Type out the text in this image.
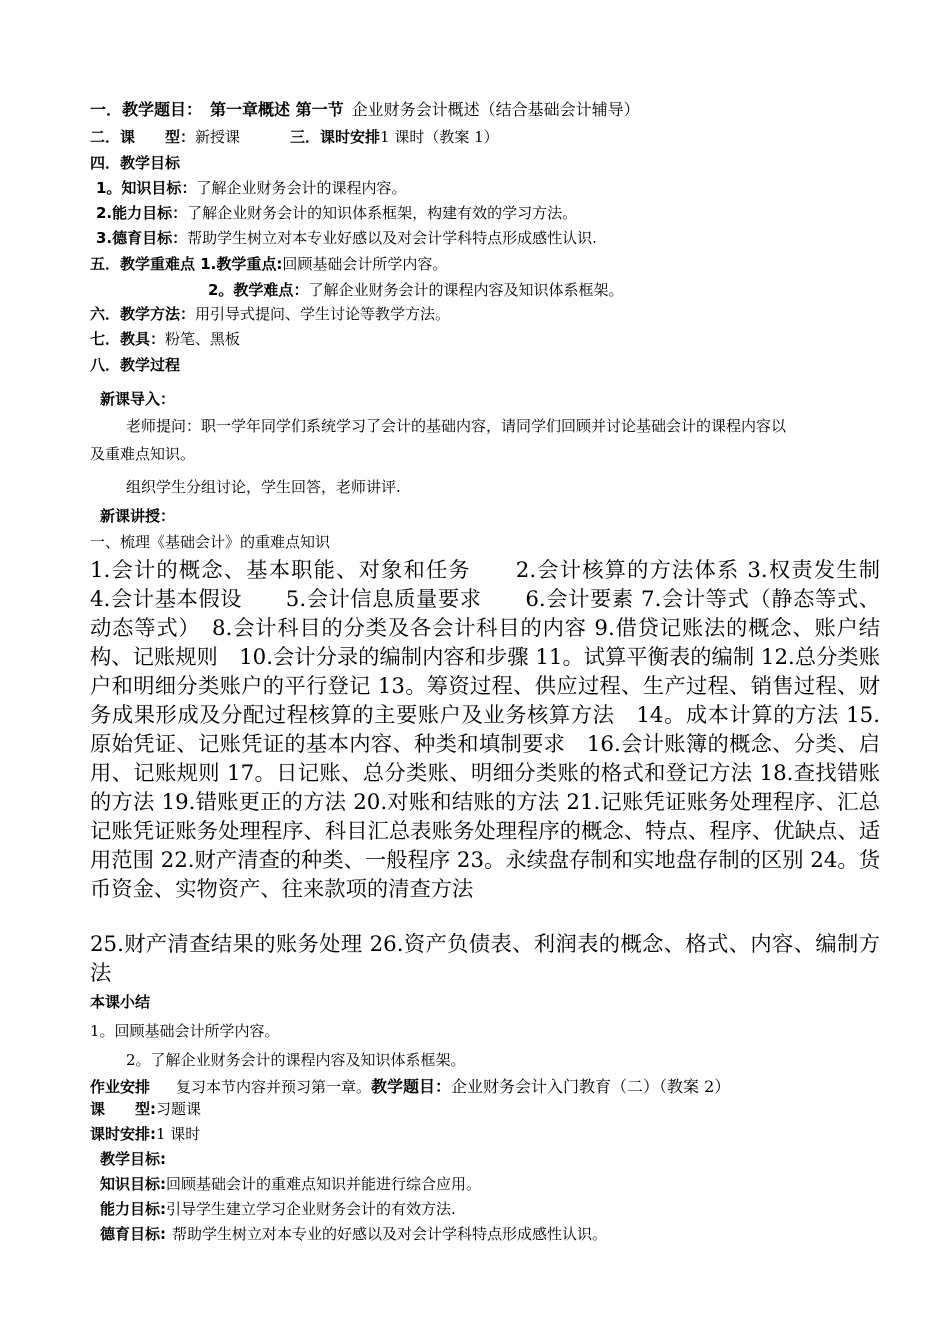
一．教学题目： 第一章概述 第一节 企业财务会计概述（结合基础会计辅导）
二．课　　型：新授课	三．课时安排1 课时（教案 1）
四．教学目标
1。知识目标：了解企业财务会计的课程内容。
2.能力目标：了解企业财务会计的知识体系框架，构建有效的学习方法。
3.德育目标：帮助学生树立对本专业好感以及对会计学科特点形成感性认识.
五．教学重难点 1.教学重点:回顾基础会计所学内容。
2。教学难点：了解企业财务会计的课程内容及知识体系框架。
六．教学方法：用引导式提问、学生讨论等教学方法。
七．教具：粉笔、黑板
八．教学过程
新课导入：
老师提问：职一学年同学们系统学习了会计的基础内容，请同学们回顾并讨论基础会计的课程内容以
及重难点知识。
组织学生分组讨论，学生回答，老师讲评.
新课讲授：
一、梳理《基础会计》的重难点知识
1.会计的概念、基本职能、对象和任务　　2.会计核算的方法体系 3.权责发生制　　4.会计基本假设　　5.会计信息质量要求　　6.会计要素 7.会计等式（静态等式、动态等式）　8.会计科目的分类及各会计科目的内容 9.借贷记账法的概念、账户结构、记账规则　10.会计分录的编制内容和步骤 11。试算平衡表的编制 12.总分类账户和明细分类账户的平行登记 13。筹资过程、供应过程、生产过程、销售过程、财务成果形成及分配过程核算的主要账户及业务核算方法　14。成本计算的方法 15.原始凭证、记账凭证的基本内容、种类和填制要求　16.会计账簿的概念、分类、启用、记账规则 17。日记账、总分类账、明细分类账的格式和登记方法 18.查找错账的方法 19.错账更正的方法 20.对账和结账的方法 21.记账凭证账务处理程序、汇总记账凭证账务处理程序、科目汇总表账务处理程序的概念、特点、程序、优缺点、适用范围 22.财产清查的种类、一般程序 23。永续盘存制和实地盘存制的区别 24。货币资金、实物资产、往来款项的清查方法
25.财产清查结果的账务处理 26.资产负债表、利润表的概念、格式、内容、编制方法
本课小结
1。回顾基础会计所学内容。
2。了解企业财务会计的课程内容及知识体系框架。
作业安排 复习本节内容并预习第一章。教学题目：企业财务会计入门教育（二）（教案 2）
课　　型:习题课
课时安排:1 课时
教学目标:
知识目标:回顾基础会计的重难点知识并能进行综合应用。
能力目标:引导学生建立学习企业财务会计的有效方法.
德育目标: 帮助学生树立对本专业的好感以及对会计学科特点形成感性认识。
